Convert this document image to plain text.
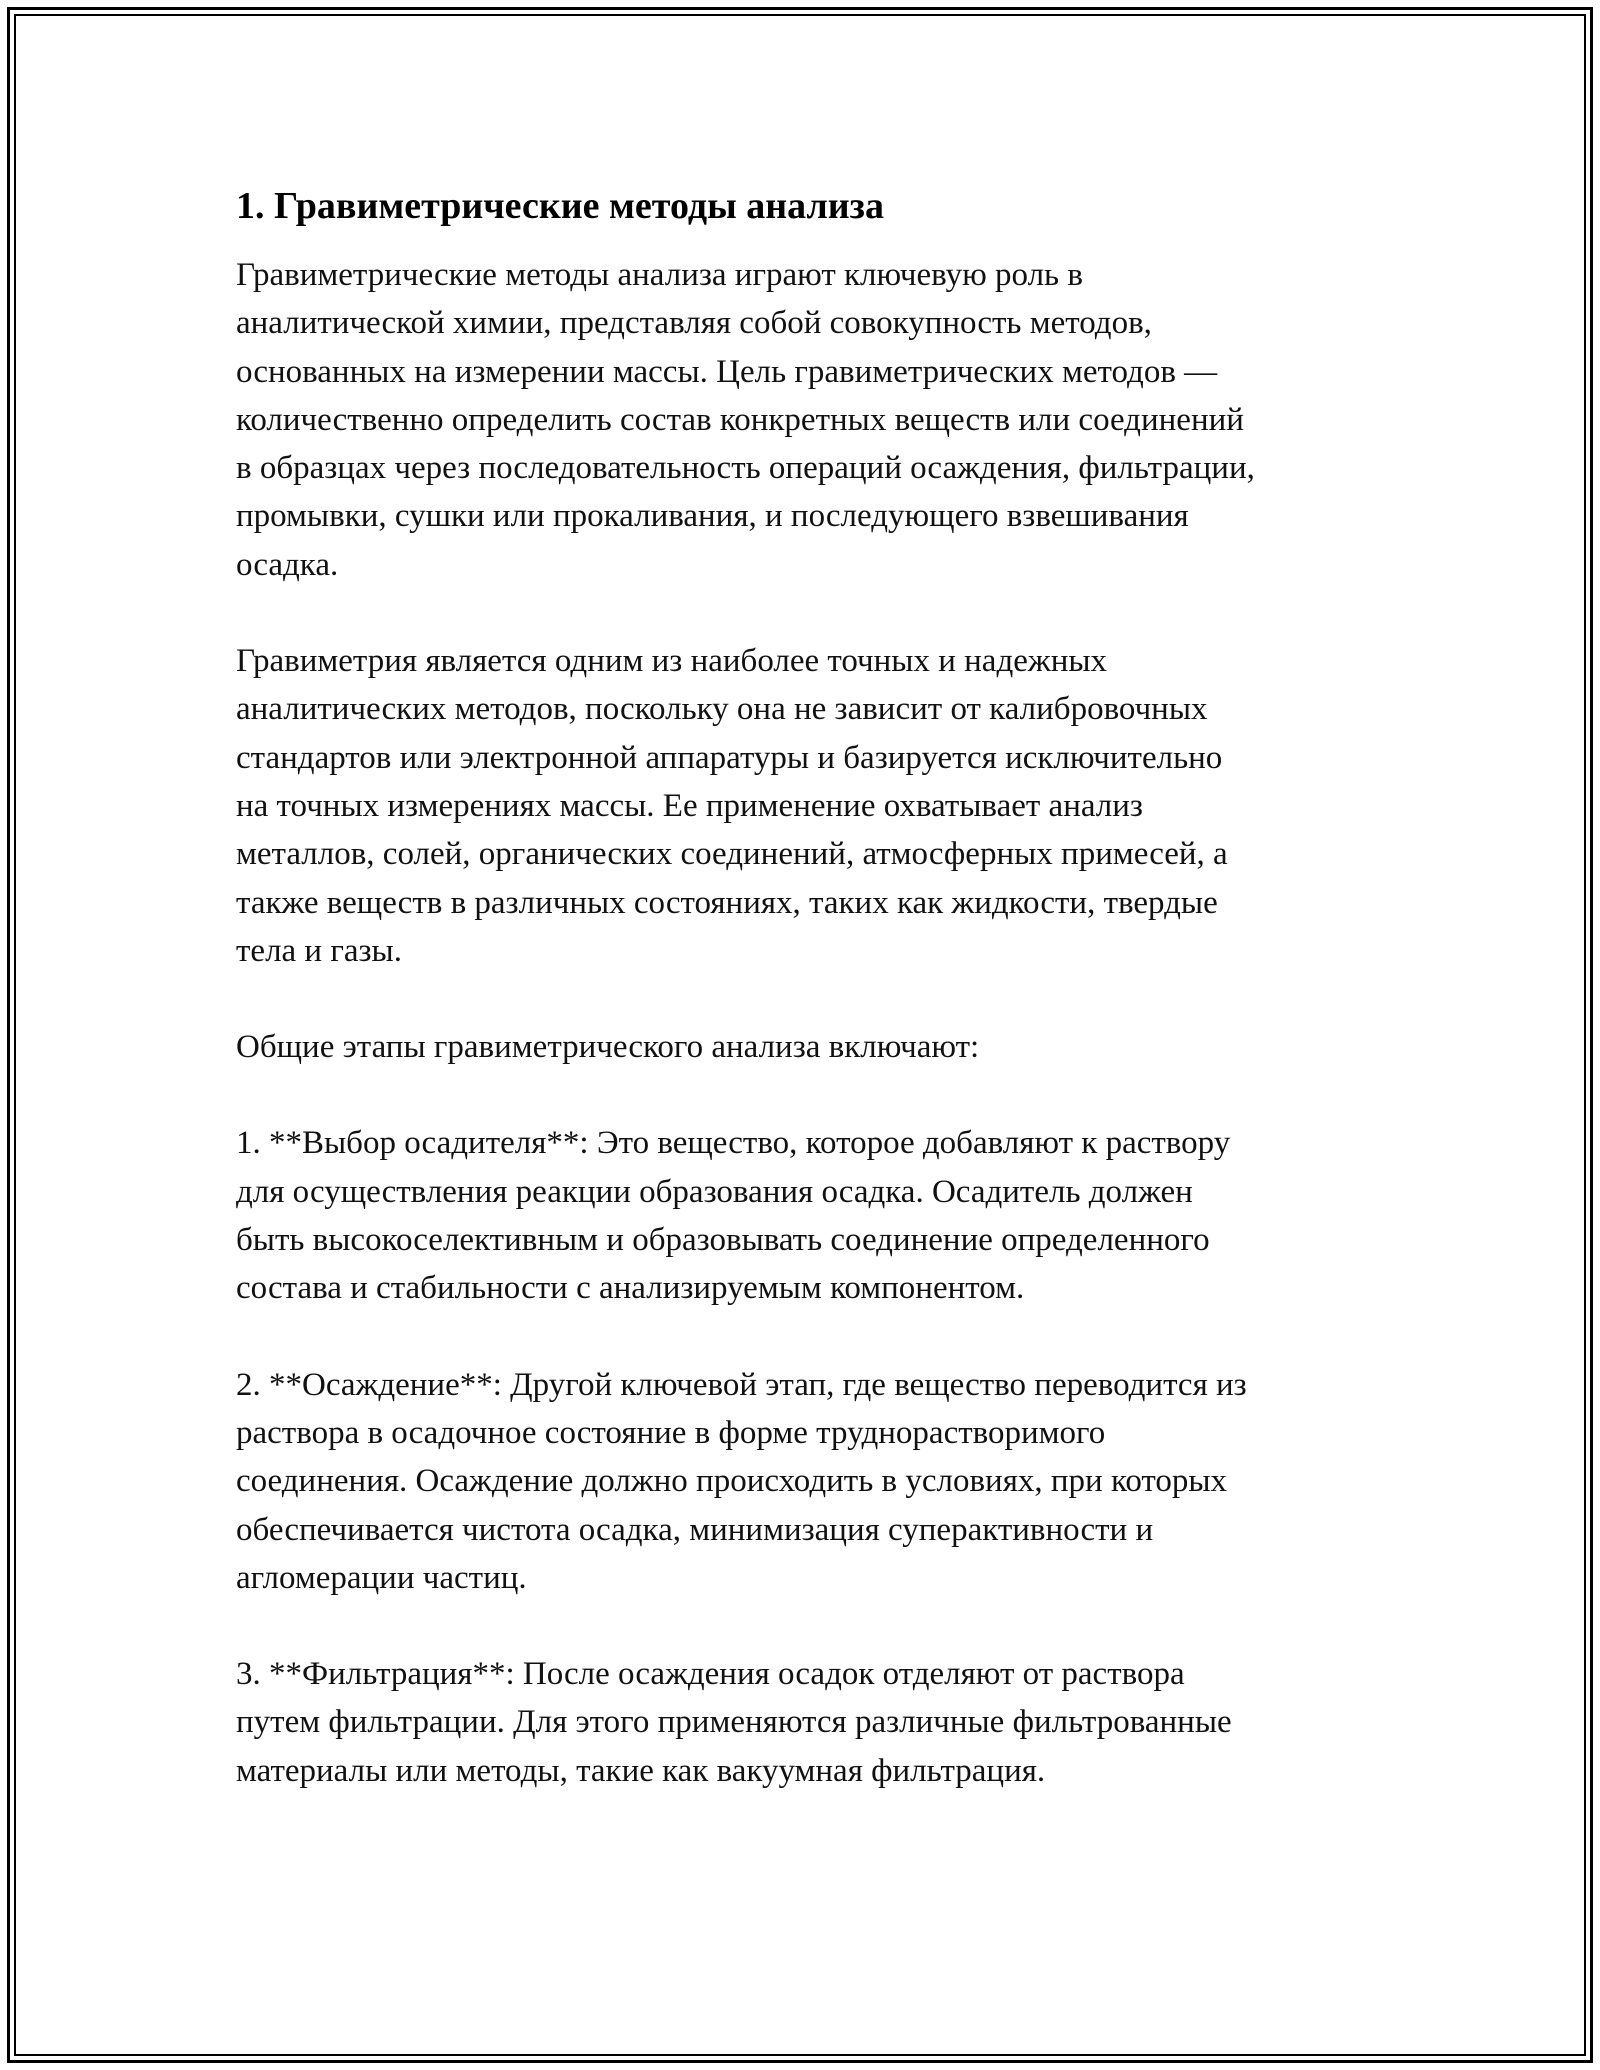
1. Гравиметрические методы анализа

Гравиметрические методы анализа играют ключевую роль в
аналитической химии, представляя собой совокупность методов,
основанных на измерении массы. Цель гравиметрических методов —
количественно определить состав конкретных веществ или соединений
в образцах через последовательность операций осаждения, фильтрации,
промывки, сушки или прокаливания, и последующего взвешивания
осадка.

Гравиметрия является одним из наиболее точных и надежных
аналитических методов, поскольку она не зависит от калибровочных
стандартов или электронной аппаратуры и базируется исключительно
на точных измерениях массы. Ее применение охватывает анализ
металлов, солей, органических соединений, атмосферных примесей, а
также веществ в различных состояниях, таких как жидкости, твердые
тела и газы.

Общие этапы гравиметрического анализа включают:

1. **Выбор осадителя**: Это вещество, которое добавляют к раствору
для осуществления реакции образования осадка. Осадитель должен
быть высокоселективным и образовывать соединение определенного
состава и стабильности с анализируемым компонентом.

2. **Осаждение**: Другой ключевой этап, где вещество переводится из
раствора в осадочное состояние в форме труднорастворимого
соединения. Осаждение должно происходить в условиях, при которых
обеспечивается чистота осадка, минимизация суперактивности и
агломерации частиц.

3. **Фильтрация**: После осаждения осадок отделяют от раствора
путем фильтрации. Для этого применяются различные фильтрованные
материалы или методы, такие как вакуумная фильтрация.
